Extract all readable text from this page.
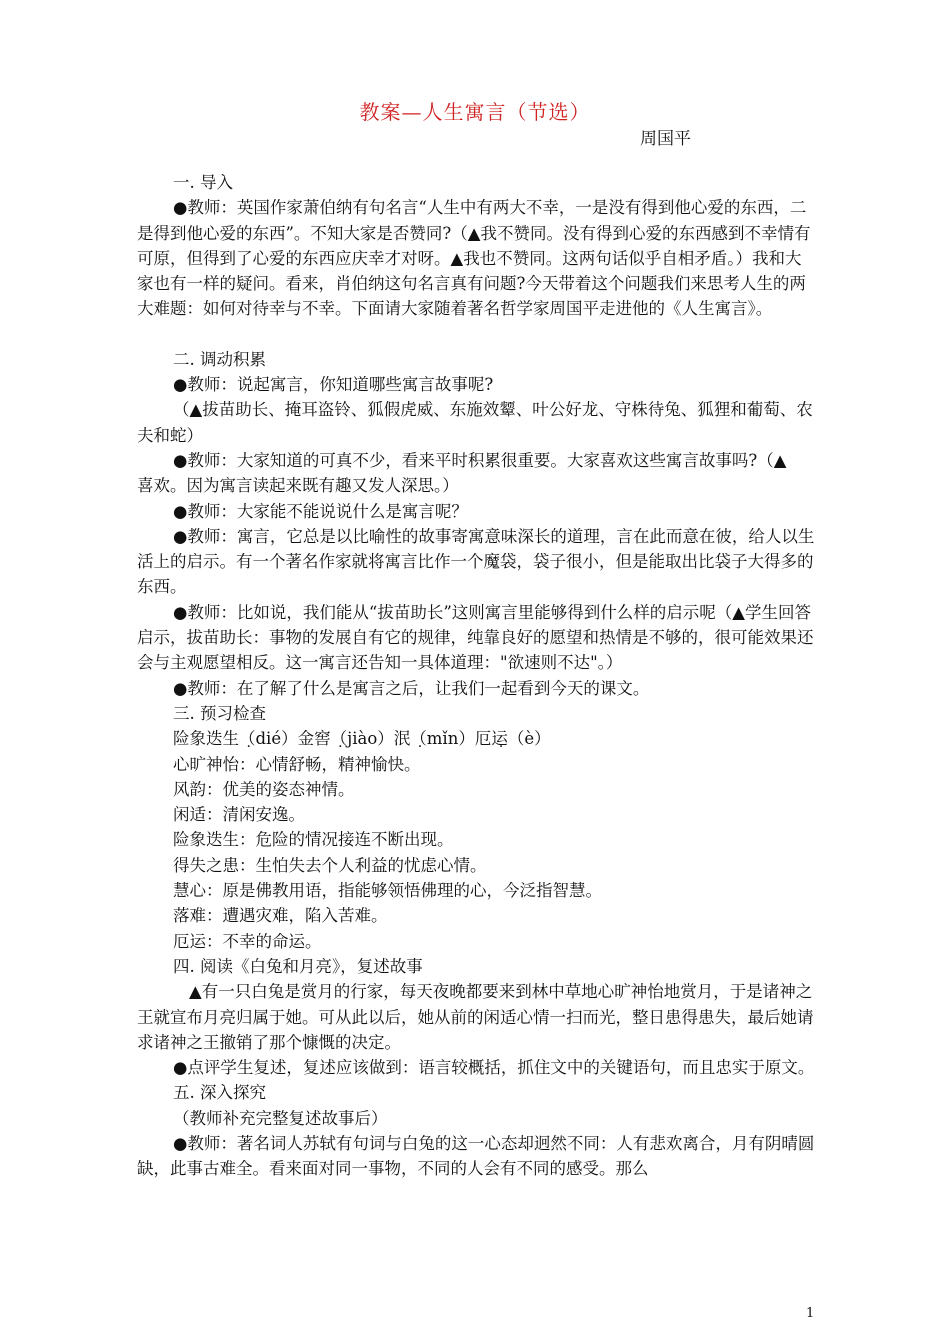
教案—人生寓言（节选）
周国平

一. 导入

●教师：英国作家萧伯纳有句名言“人生中有两大不幸，一是没有得到他心爱的东西，二是得到他心爱的东西”。不知大家是否赞同?（▲我不赞同。没有得到心爱的东西感到不幸情有可原，但得到了心爱的东西应庆幸才对呀。▲我也不赞同。这两句话似乎自相矛盾。）我和大家也有一样的疑问。看来，肖伯纳这句名言真有问题?今天带着这个问题我们来思考人生的两大难题：如何对待幸与不幸。下面请大家随着著名哲学家周国平走进他的《人生寓言》。

二. 调动积累

●教师：说起寓言，你知道哪些寓言故事呢?

（▲拔苗助长、掩耳盗铃、狐假虎威、东施效颦、叶公好龙、守株待兔、狐狸和葡萄、农夫和蛇）

●教师：大家知道的可真不少，看来平时积累很重要。大家喜欢这些寓言故事吗?（▲　喜欢。因为寓言读起来既有趣又发人深思。）

●教师：大家能不能说说什么是寓言呢？

●教师：寓言，它总是以比喻性的故事寄寓意味深长的道理，言在此而意在彼，给人以生活上的启示。有一个著名作家就将寓言比作一个魔袋，袋子很小，但是能取出比袋子大得多的东西。

●教师：比如说，我们能从“拔苗助长”这则寓言里能够得到什么样的启示呢（▲学生回答启示，拔苗助长：事物的发展自有它的规律，纯靠良好的愿望和热情是不够的，很可能效果还会与主观愿望相反。这一寓言还告知一具体道理："欲速则不达"。）

●教师：在了解了什么是寓言之后，让我们一起看到今天的课文。

三. 预习检查

险象迭生（dié）金窖（jiào）泯（mǐn）厄运（è）

心旷神怡：心情舒畅，精神愉快。

风韵：优美的姿态神情。

闲适：清闲安逸。

险象迭生：危险的情况接连不断出现。

得失之患：生怕失去个人利益的忧虑心情。

慧心：原是佛教用语，指能够领悟佛理的心，今泛指智慧。

落难：遭遇灾难，陷入苦难。

厄运：不幸的命运。

四. 阅读《白兔和月亮》，复述故事

▲有一只白兔是赏月的行家，每天夜晚都要来到林中草地心旷神怡地赏月，于是诸神之王就宣布月亮归属于她。可从此以后，她从前的闲适心情一扫而光，整日患得患失，最后她请求诸神之王撤销了那个慷慨的决定。

●点评学生复述，复述应该做到：语言较概括，抓住文中的关键语句，而且忠实于原文。

五. 深入探究

（教师补充完整复述故事后）

●教师：著名词人苏轼有句词与白兔的这一心态却迥然不同：人有悲欢离合，月有阴晴圆缺，此事古难全。看来面对同一事物，不同的人会有不同的感受。那么

1
